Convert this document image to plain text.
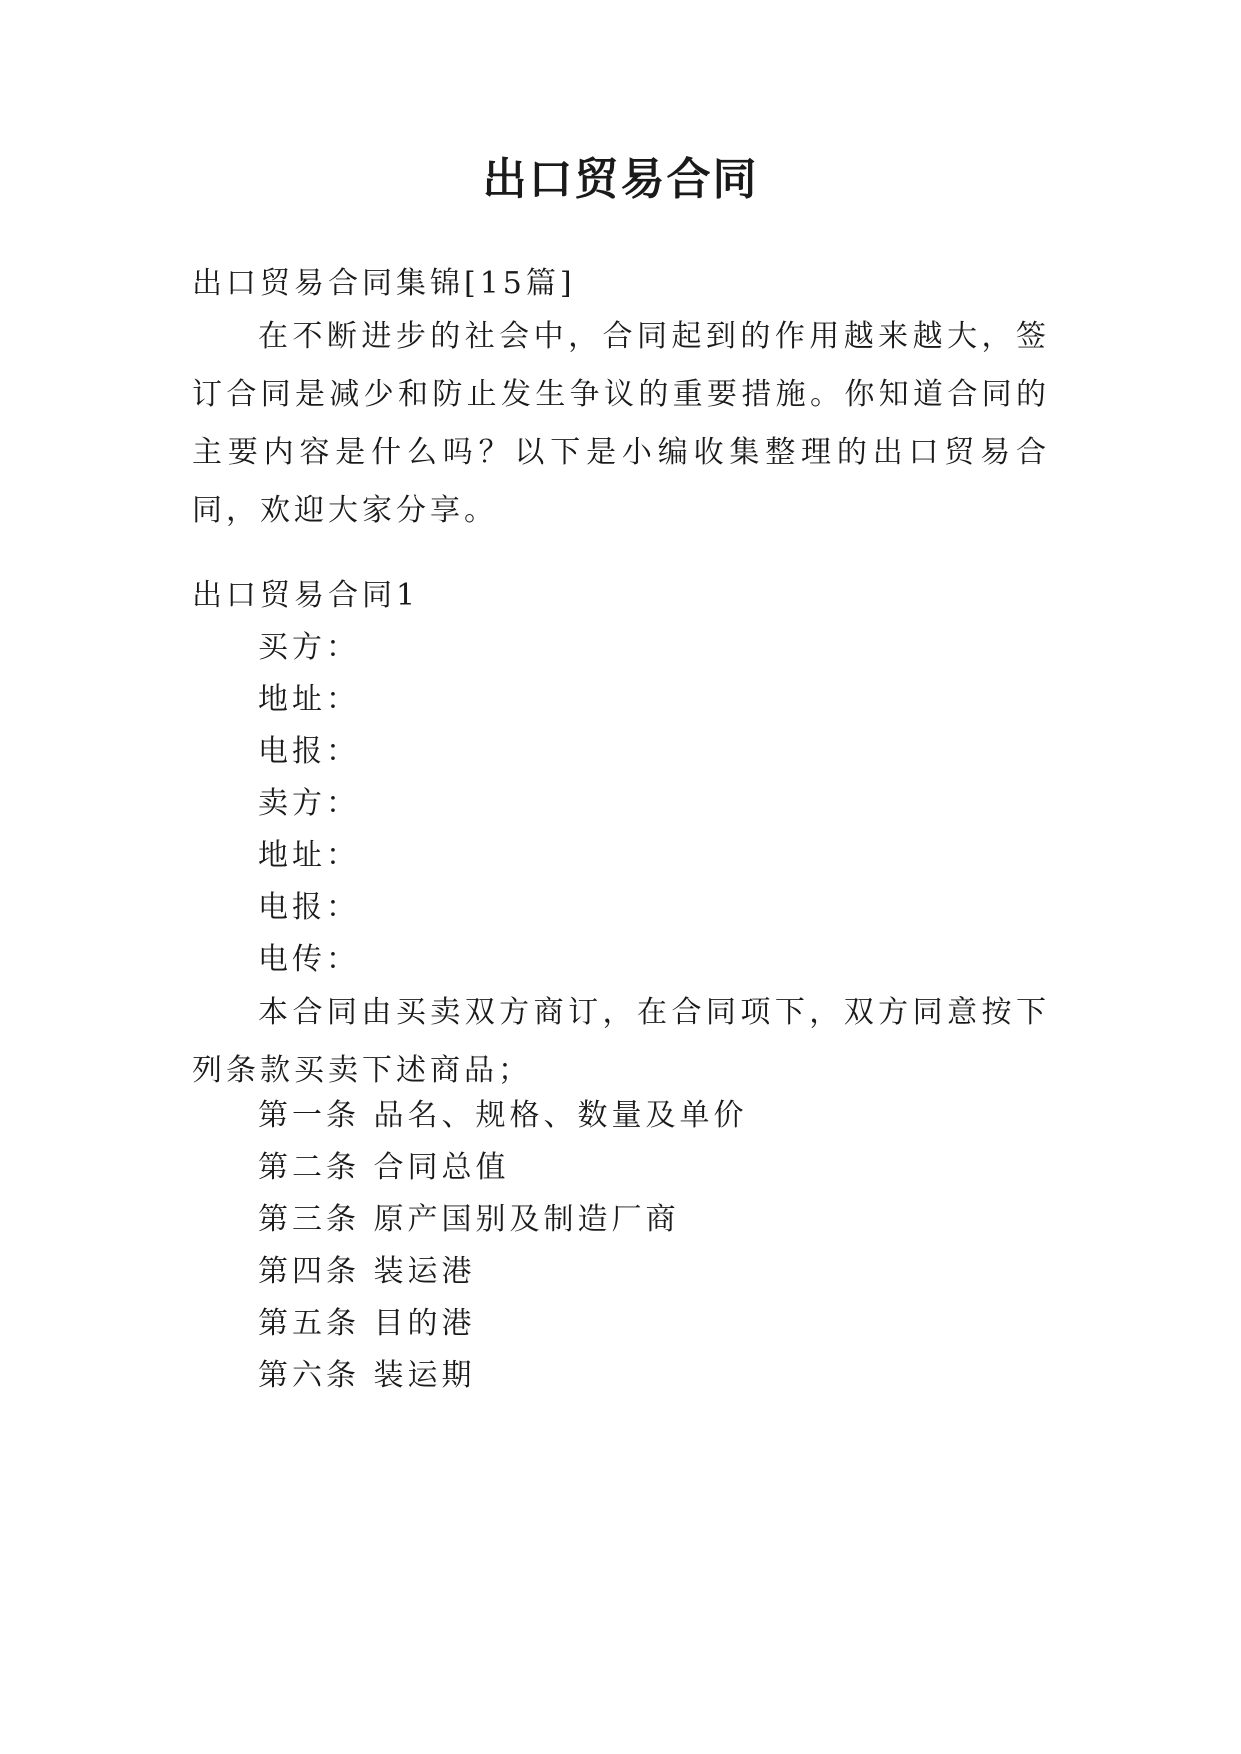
出口贸易合同
出口贸易合同集锦[15篇]

在不断进步的社会中，合同起到的作用越来越大，签订合同是减少和防止发生争议的重要措施。你知道合同的主要内容是什么吗？以下是小编收集整理的出口贸易合同，欢迎大家分享。

出口贸易合同1
买方：
地址：
电报：
卖方：
地址：
电报：
电传：

本合同由买卖双方商订，在合同项下，双方同意按下列条款买卖下述商品；

第一条 品名、规格、数量及单价
第二条 合同总值
第三条 原产国别及制造厂商
第四条 装运港
第五条 目的港
第六条 装运期
